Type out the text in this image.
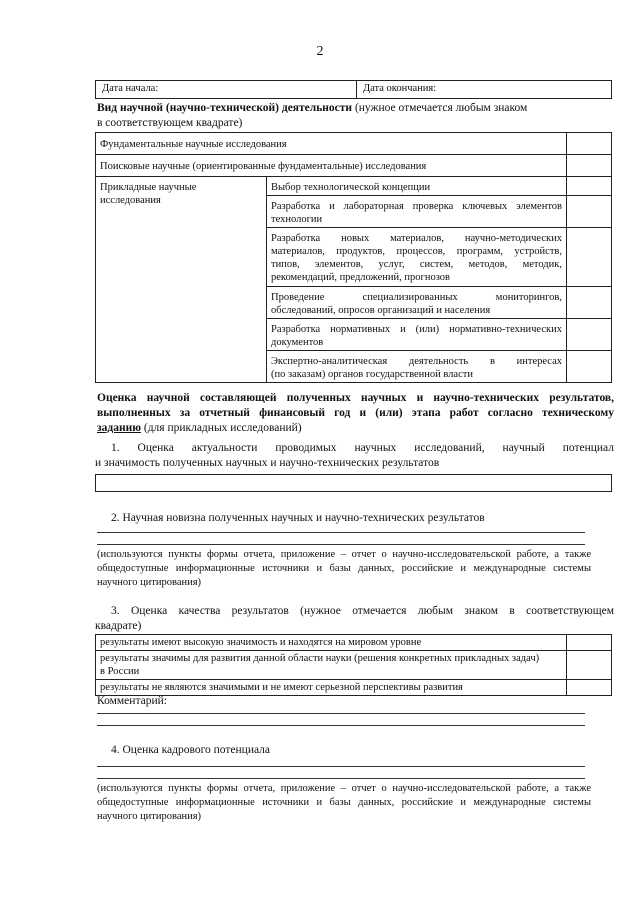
2
Дата начала:	Дата окончания:
Вид научной (научно-технической) деятельности (нужное отмечается любым знаком
в соответствующем квадрате)
Фундаментальные научные исследования		
Поисковые научные (ориентированные фундаментальные) исследования		
Прикладные научные
исследования	Выбор технологической концепции	

	Разработка и лабораторная проверка ключевых элементов
технологии	

	Разработка новых материалов, научно-методических
материалов, продуктов, процессов, программ, устройств,
типов, элементов, услуг, систем, методов, методик,
рекомендаций, предложений, прогнозов	

	Проведение специализированных мониторингов,
обследований, опросов организаций и населения	

	Разработка нормативных и (или) нормативно-технических
документов	

	Экспертно-аналитическая деятельность в интересах
(по заказам) органов государственной власти	

Оценка научной составляющей полученных научных и научно-технических результатов,
выполненных за отчетный финансовый год и (или) этапа работ согласно техническому
заданию (для прикладных исследований)
1. Оценка актуальности проводимых научных исследований, научный потенциал
и значимость полученных научных и научно-технических результатов
2. Научная новизна полученных научных и научно-технических результатов
(используются пункты формы отчета, приложение – отчет о научно-исследовательской работе, а также
общедоступные информационные источники и базы данных, российские и международные системы
научного цитирования)
3. Оценка качества результатов (нужное отмечается любым знаком в соответствующем
квадрате)
результаты имеют высокую значимость и находятся на мировом уровне	

результаты значимы для развития данной области науки (решения конкретных прикладных задач)
в России	

результаты не являются значимыми и не имеют серьезной перспективы развития	
Комментарий:
4. Оценка кадрового потенциала
(используются пункты формы отчета, приложение – отчет о научно-исследовательской работе, а также
общедоступные информационные источники и базы данных, российские и международные системы
научного цитирования)
